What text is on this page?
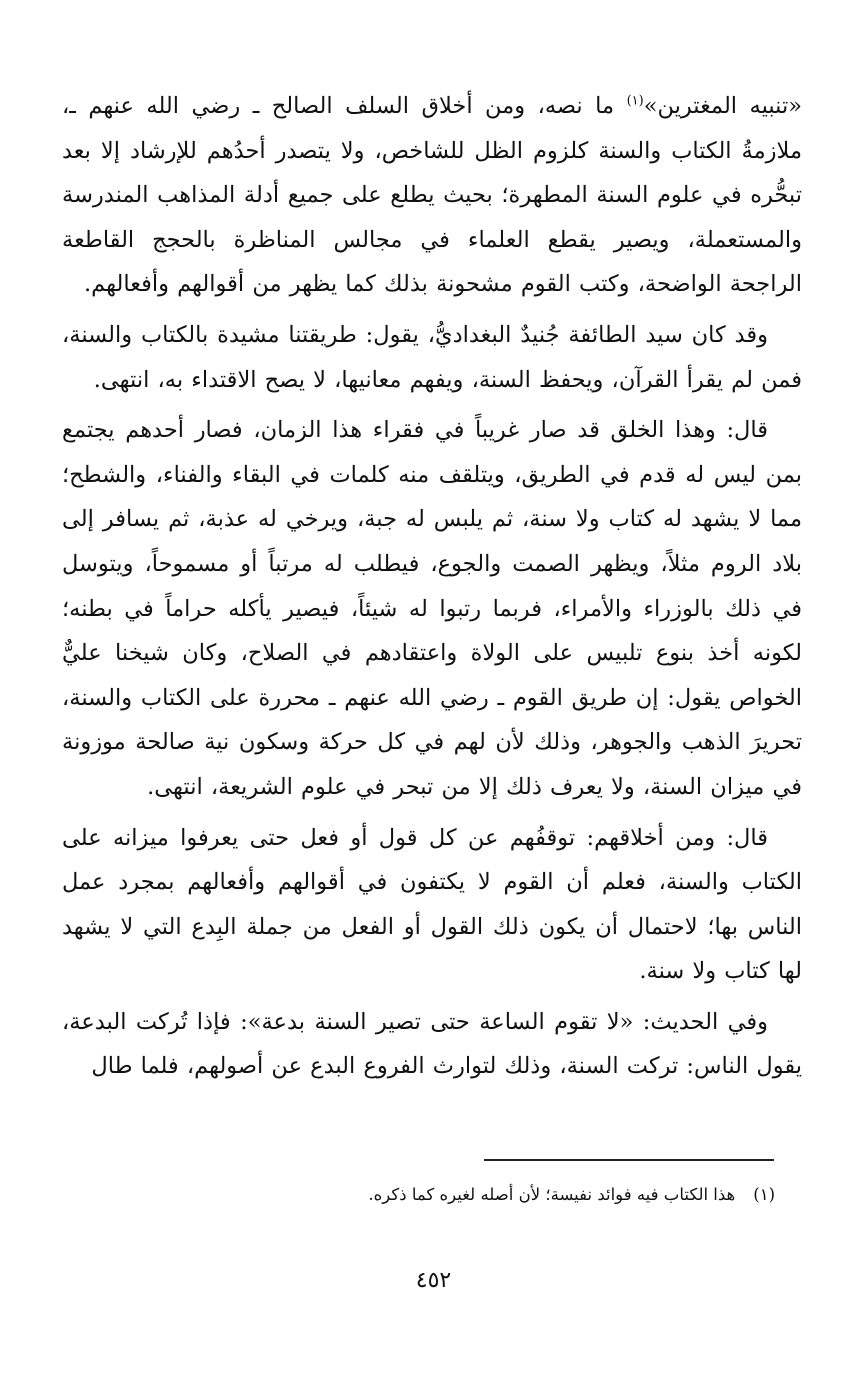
«تنبيه المغترين»$^{(١)}$ ما نصه، ومن أخلاق السلف الصالح ـ رضي الله عنهم ـ، ملازمةُ الكتاب والسنة كلزوم الظل للشاخص، ولا يتصدر أحدُهم للإرشاد إلا بعد تبحُّره في علوم السنة المطهرة؛ بحيث يطلع على جميع أدلة المذاهب المندرسة والمستعملة، ويصير يقطع العلماء في مجالس المناظرة بالحجج القاطعة الراجحة الواضحة، وكتب القوم مشحونة بذلك كما يظهر من أقوالهم وأفعالهم.

وقد كان سيد الطائفة جُنيدٌ البغداديُّ، يقول: طريقتنا مشيدة بالكتاب والسنة، فمن لم يقرأ القرآن، ويحفظ السنة، ويفهم معانيها، لا يصح الاقتداء به، انتهى.

قال: وهذا الخلق قد صار غريباً في فقراء هذا الزمان، فصار أحدهم يجتمع بمن ليس له قدم في الطريق، ويتلقف منه كلمات في البقاء والفناء، والشطح؛ مما لا يشهد له كتاب ولا سنة، ثم يلبس له جبة، ويرخي له عذبة، ثم يسافر إلى بلاد الروم مثلاً، ويظهر الصمت والجوع، فيطلب له مرتباً أو مسموحاً، ويتوسل في ذلك بالوزراء والأمراء، فربما رتبوا له شيئاً، فيصير يأكله حراماً في بطنه؛ لكونه أخذ بنوع تلبيس على الولاة واعتقادهم في الصلاح، وكان شيخنا عليٌّ الخواص يقول: إن طريق القوم ـ رضي الله عنهم ـ محررة على الكتاب والسنة، تحريرَ الذهب والجوهر، وذلك لأن لهم في كل حركة وسكون نية صالحة موزونة في ميزان السنة، ولا يعرف ذلك إلا من تبحر في علوم الشريعة، انتهى.

قال: ومن أخلاقهم: توقفُهم عن كل قول أو فعل حتى يعرفوا ميزانه على الكتاب والسنة، فعلم أن القوم لا يكتفون في أقوالهم وأفعالهم بمجرد عمل الناس بها؛ لاحتمال أن يكون ذلك القول أو الفعل من جملة البِدع التي لا يشهد لها كتاب ولا سنة.

وفي الحديث: «لا تقوم الساعة حتى تصير السنة بدعة»: فإذا تُركت البدعة، يقول الناس: تركت السنة، وذلك لتوارث الفروع البدع عن أصولهم، فلما طال

(١)هذا الكتاب فيه فوائد نفيسة؛ لأن أصله لغيره كما ذكره.
٤٥٢
